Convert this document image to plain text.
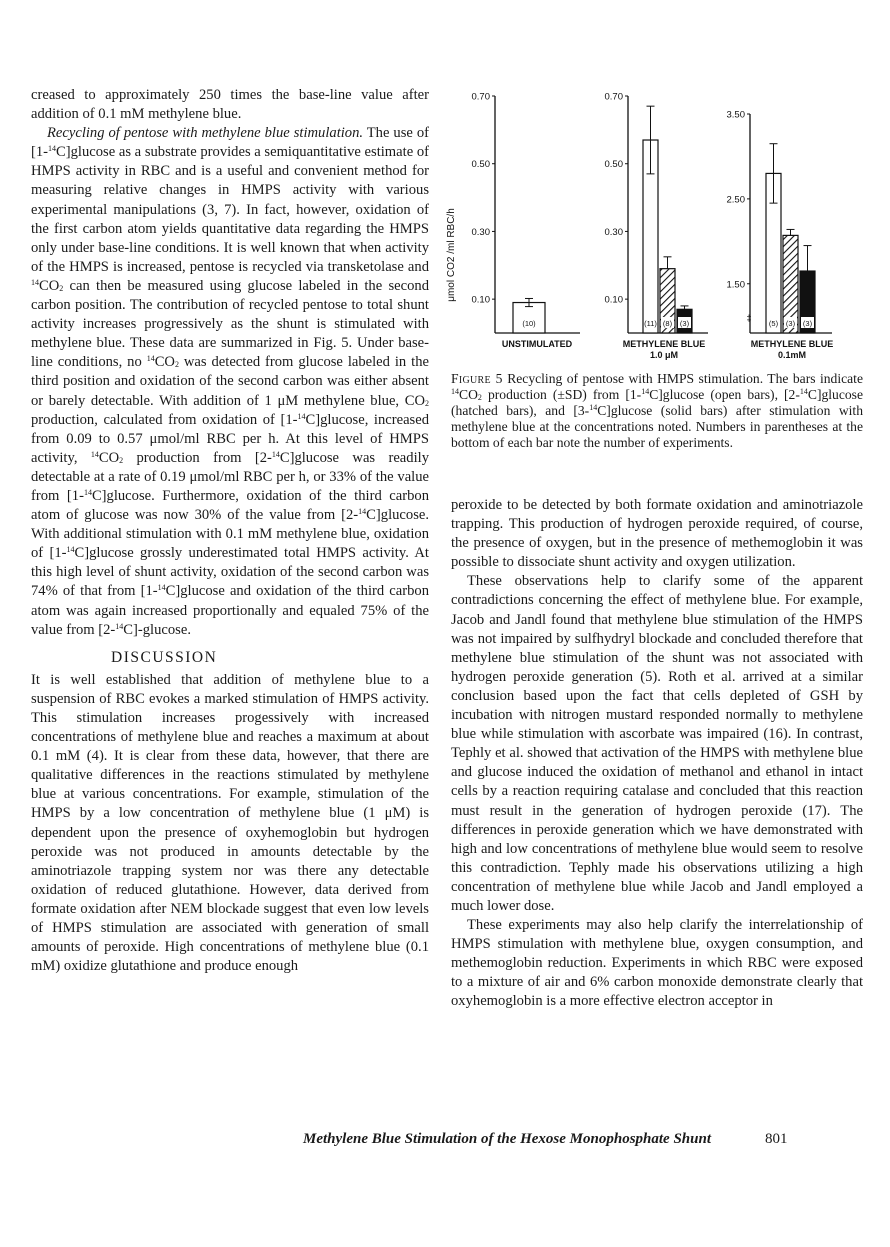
0.10
0.30
0.50
0.70
(10)
UNSTIMULATED
0.10
0.30
0.50
0.70
(11) (8) (3)
METHYLENE BLUE
1.0 μM
‡
1.50
2.50
3.50
(5) (3) (3)
METHYLENE BLUE
0.1mM
μmol CO2 /ml RBC/h

creased to approximately 250 times the base-line value after addition of 0.1 mM methylene blue.

Recycling of pentose with methylene blue stimulation. The use of [1-$^{14}$C]glucose as a substrate provides a semiquantitative estimate of HMPS activity in RBC and is a useful and convenient method for measuring relative changes in HMPS activity with various experimental manipulations (3, 7). In fact, however, oxidation of the first carbon atom yields quantitative data regarding the HMPS only under base-line conditions. It is well known that when activity of the HMPS is increased, pentose is recycled via transketolase and $^{14}CO_2$ can then be measured using glucose labeled in the second carbon position. The contribution of recycled pentose to total shunt activity increases progressively as the shunt is stimulated with methylene blue. These data are summarized in Fig. 5. Under base-line conditions, no $^{14}CO_2$ was detected from glucose labeled in the third position and oxidation of the second carbon was either absent or barely detectable. With addition of 1 μM methylene blue, $CO_2$ production, calculated from oxidation of [1-$^{14}$C]glucose, increased from 0.09 to 0.57 μmol/ml RBC per h. At this level of HMPS activity, $^{14}CO_2$ production from [2-$^{14}$C]glucose was readily detectable at a rate of 0.19 μmol/ml RBC per h, or 33% of the value from [1-$^{14}$C]glucose. Furthermore, oxidation of the third carbon atom of glucose was now 30% of the value from [2-$^{14}$C]glucose. With additional stimulation with 0.1 mM methylene blue, oxidation of [1-$^{14}$C]glucose grossly underestimated total HMPS activity. At this high level of shunt activity, oxidation of the second carbon was 74% of that from [1-$^{14}$C]glucose and oxidation of the third carbon atom was again increased proportionally and equaled 75% of the value from [2-$^{14}$C]-glucose.

DISCUSSION

It is well established that addition of methylene blue to a suspension of RBC evokes a marked stimulation of HMPS activity. This stimulation increases progessively with increased concentrations of methylene blue and reaches a maximum at about 0.1 mM (4). It is clear from these data, however, that there are qualitative differences in the reactions stimulated by methylene blue at various concentrations. For example, stimulation of the HMPS by a low concentration of methylene blue (1 μM) is dependent upon the presence of oxyhemoglobin but hydrogen peroxide was not produced in amounts detectable by the aminotriazole trapping system nor was there any detectable oxidation of reduced glutathione. However, data derived from formate oxidation after NEM blockade suggest that even low levels of HMPS stimulation are associated with generation of small amounts of peroxide. High concentrations of methylene blue (0.1 mM) oxidize glutathione and produce enough

Figure 5 Recycling of pentose with HMPS stimulation. The bars indicate $^{14}CO_2$ production (±SD) from [1-$^{14}$C]glucose (open bars), [2-$^{14}$C]glucose (hatched bars), and [3-$^{14}$C]glucose (solid bars) after stimulation with methylene blue at the concentrations noted. Numbers in parentheses at the bottom of each bar note the number of experiments.

peroxide to be detected by both formate oxidation and aminotriazole trapping. This production of hydrogen peroxide required, of course, the presence of oxygen, but in the presence of methemoglobin it was possible to dissociate shunt activity and oxygen utilization.

These observations help to clarify some of the apparent contradictions concerning the effect of methylene blue. For example, Jacob and Jandl found that methylene blue stimulation of the HMPS was not impaired by sulfhydryl blockade and concluded therefore that methylene blue stimulation of the shunt was not associated with hydrogen peroxide generation (5). Roth et al. arrived at a similar conclusion based upon the fact that cells depleted of GSH by incubation with nitrogen mustard responded normally to methylene blue while stimulation with ascorbate was impaired (16). In contrast, Tephly et al. showed that activation of the HMPS with methylene blue and glucose induced the oxidation of methanol and ethanol in intact cells by a reaction requiring catalase and concluded that this reaction must result in the generation of hydrogen peroxide (17). The differences in peroxide generation which we have demonstrated with high and low concentrations of methylene blue would seem to resolve this contradiction. Tephly made his observations utilizing a high concentration of methylene blue while Jacob and Jandl employed a much lower dose.

These experiments may also help clarify the interrelationship of HMPS stimulation with methylene blue, oxygen consumption, and methemoglobin reduction. Experiments in which RBC were exposed to a mixture of air and 6% carbon monoxide demonstrate clearly that oxyhemoglobin is a more effective electron acceptor in

Methylene Blue Stimulation of the Hexose Monophosphate Shunt	801
